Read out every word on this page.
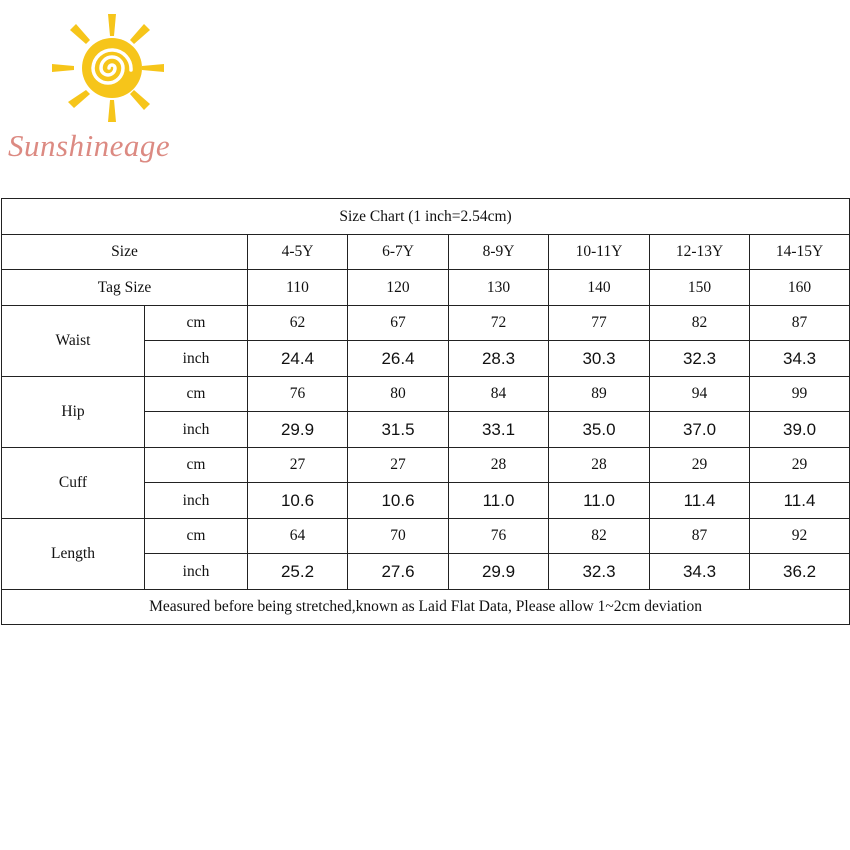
Sunshineage
Size Chart (1 inch=2.54cm)							
Size		4-5Y	6-7Y	8-9Y	10-11Y	12-13Y	14-15Y
Tag Size		110	120	130	140	150	160
Waist	cm	62	67	72	77	82	87
	inch	24.4	26.4	28.3	30.3	32.3	34.3
Hip	cm	76	80	84	89	94	99
	inch	29.9	31.5	33.1	35.0	37.0	39.0
Cuff	cm	27	27	28	28	29	29
	inch	10.6	10.6	11.0	11.0	11.4	11.4
Length	cm	64	70	76	82	87	92
	inch	25.2	27.6	29.9	32.3	34.3	36.2
Measured before being stretched,known as Laid Flat Data, Please allow 1~2cm deviation							
